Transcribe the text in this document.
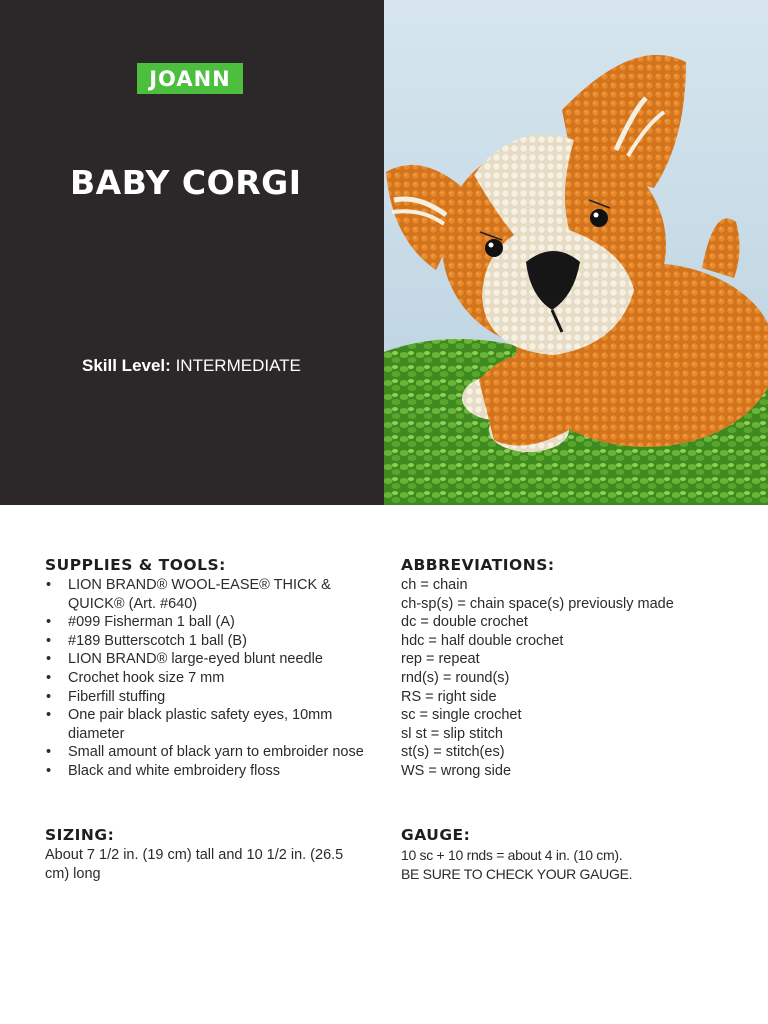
JOANN
BABY CORGI
Skill Level: INTERMEDIATE
SUPPLIES & TOOLS:
• LION BRAND® WOOL-EASE® THICK & QUICK® (Art. #640)
• #099 Fisherman 1 ball (A)
• #189 Butterscotch 1 ball (B)
• LION BRAND® large-eyed blunt needle
• Crochet hook size 7 mm
• Fiberfill stuffing
• One pair black plastic safety eyes, 10mm diameter
• Small amount of black yarn to embroider nose
• Black and white embroidery floss
SIZING:

About 7 1/2 in. (19 cm) tall and 10 1/2 in. (26.5 cm) long

ABBREVIATIONS:
ch = chain
ch-sp(s) = chain space(s) previously made
dc = double crochet
hdc = half double crochet
rep = repeat
rnd(s) = round(s)
RS = right side
sc = single crochet
sl st = slip stitch
st(s) = stitch(es)
WS = wrong side
GAUGE:
10 sc + 10 rnds = about 4 in. (10 cm).
BE SURE TO CHECK YOUR GAUGE.
